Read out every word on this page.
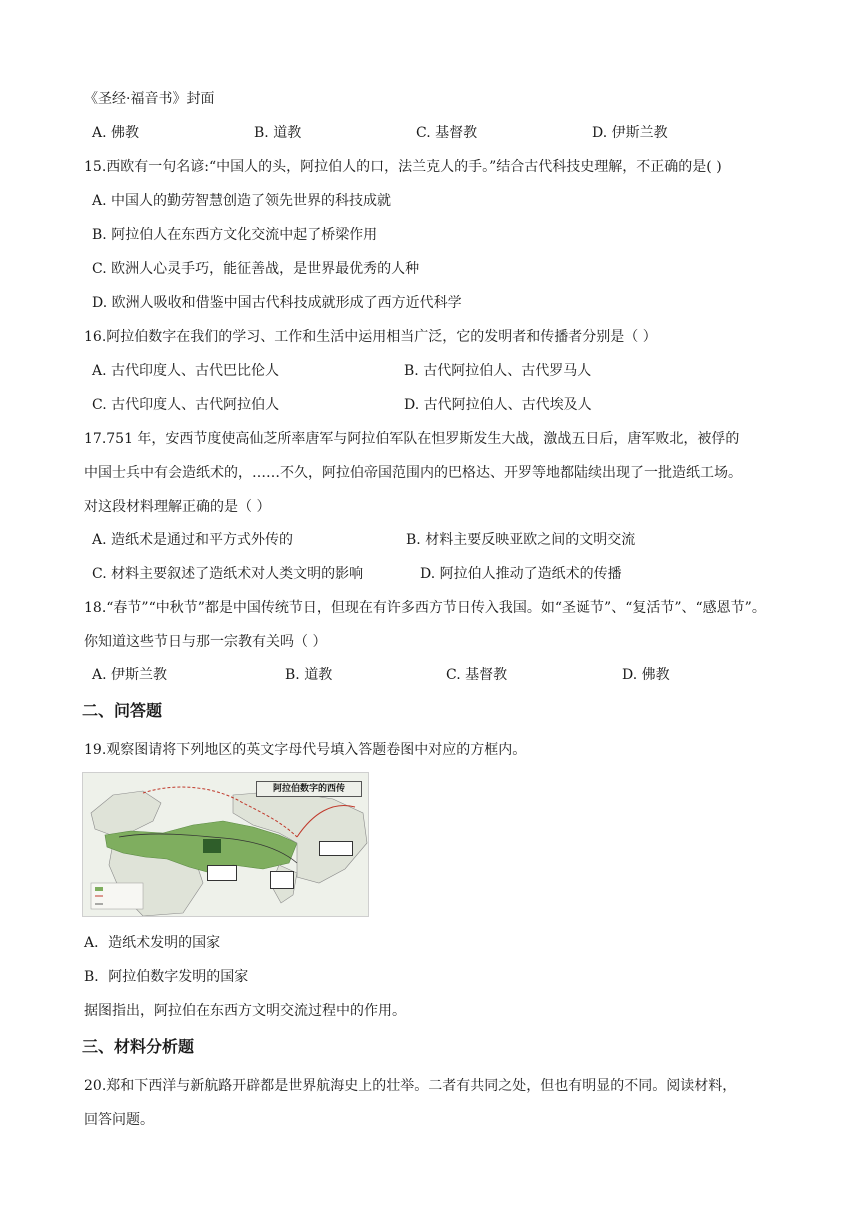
《圣经·福音书》封面
A. 佛教	B. 道教	C. 基督教	D. 伊斯兰教
15.西欧有一句名谚:“中国人的头，阿拉伯人的口，法兰克人的手。”结合古代科技史理解，不正确的是( )
A. 中国人的勤劳智慧创造了领先世界的科技成就
B. 阿拉伯人在东西方文化交流中起了桥梁作用
C. 欧洲人心灵手巧，能征善战，是世界最优秀的人种
D. 欧洲人吸收和借鉴中国古代科技成就形成了西方近代科学
16.阿拉伯数字在我们的学习、工作和生活中运用相当广泛，它的发明者和传播者分别是（ ）
A. 古代印度人、古代巴比伦人	B. 古代阿拉伯人、古代罗马人
C. 古代印度人、古代阿拉伯人	D. 古代阿拉伯人、古代埃及人
17.751 年，安西节度使高仙芝所率唐军与阿拉伯军队在怛罗斯发生大战，激战五日后，唐军败北，被俘的
中国士兵中有会造纸术的，……不久，阿拉伯帝国范围内的巴格达、开罗等地都陆续出现了一批造纸工场。
对这段材料理解正确的是（ ）
A. 造纸术是通过和平方式外传的	B. 材料主要反映亚欧之间的文明交流
C. 材料主要叙述了造纸术对人类文明的影响	D. 阿拉伯人推动了造纸术的传播
18.“春节”“中秋节”都是中国传统节日，但现在有许多西方节日传入我国。如“圣诞节”、“复活节”、“感恩节”。
你知道这些节日与那一宗教有关吗（ ）
A. 伊斯兰教	B. 道教	C. 基督教	D. 佛教
二、问答题
19.观察图请将下列地区的英文字母代号填入答题卷图中对应的方框内。
阿拉伯数字的西传
A．造纸术发明的国家
B．阿拉伯数字发明的国家
据图指出，阿拉伯在东西方文明交流过程中的作用。
三、材料分析题
20.郑和下西洋与新航路开辟都是世界航海史上的壮举。二者有共同之处，但也有明显的不同。阅读材料，
回答问题。
